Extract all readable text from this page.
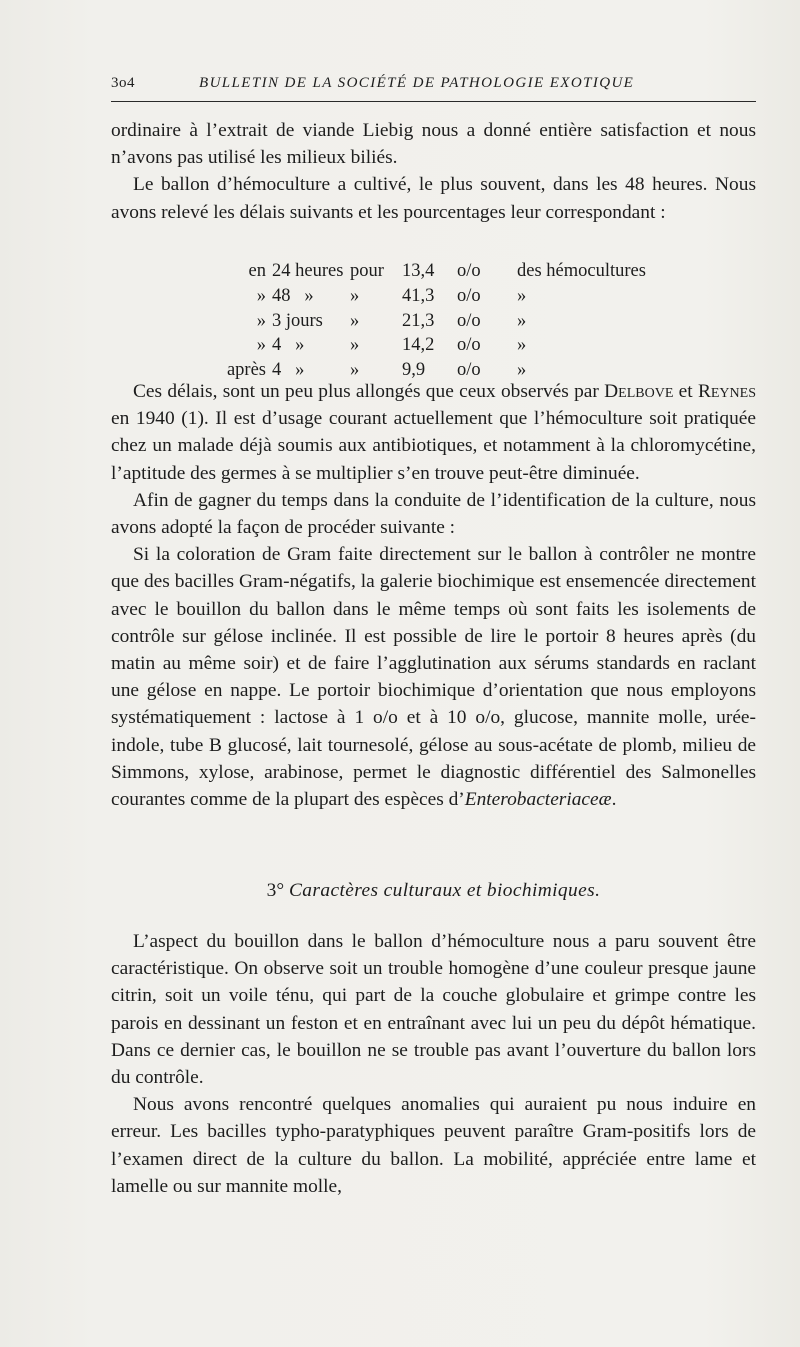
3o4	BULLETIN DE LA SOCIÉTÉ DE PATHOLOGIE EXOTIQUE

ordinaire à l’extrait de viande Liebig nous a donné entière satisfaction et nous n’avons pas utilisé les milieux biliés.

Le ballon d’hémoculture a cultivé, le plus souvent, dans les 48 heures. Nous avons relevé les délais suivants et les pourcentages leur correspondant :

en	24 heures	pour	13,4	o/o	des hémocultures
»	48   »	»	41,3	o/o	»
»	3 jours	»	21,3	o/o	»
»	4   »	»	14,2	o/o	»
après	4   »	»	9,9	o/o	»

Ces délais, sont un peu plus allongés que ceux observés par Delbove et Reynes en 1940 (1). Il est d’usage courant actuellement que l’hémoculture soit pratiquée chez un malade déjà soumis aux antibiotiques, et notamment à la chloromycétine, l’aptitude des germes à se multiplier s’en trouve peut-être diminuée.

Afin de gagner du temps dans la conduite de l’identification de la culture, nous avons adopté la façon de procéder suivante :

Si la coloration de Gram faite directement sur le ballon à contrôler ne montre que des bacilles Gram-négatifs, la galerie biochimique est ensemencée directement avec le bouillon du ballon dans le même temps où sont faits les isolements de contrôle sur gélose inclinée. Il est possible de lire le portoir 8 heures après (du matin au même soir) et de faire l’agglutination aux sérums standards en raclant une gélose en nappe. Le portoir biochimique d’orientation que nous employons systématiquement : lactose à 1 o/o et à 10 o/o, glucose, mannite molle, urée-indole, tube B glucosé, lait tournesolé, gélose au sous-acétate de plomb, milieu de Simmons, xylose, arabinose, permet le diagnostic différentiel des Salmonelles courantes comme de la plupart des espèces d’Enterobacteriaceæ.

3° Caractères culturaux et biochimiques.

L’aspect du bouillon dans le ballon d’hémoculture nous a paru souvent être caractéristique. On observe soit un trouble homogène d’une couleur presque jaune citrin, soit un voile ténu, qui part de la couche globulaire et grimpe contre les parois en dessinant un feston et en entraînant avec lui un peu du dépôt hématique. Dans ce dernier cas, le bouillon ne se trouble pas avant l’ouverture du ballon lors du contrôle.

Nous avons rencontré quelques anomalies qui auraient pu nous induire en erreur. Les bacilles typho-paratyphiques peuvent paraître Gram-positifs lors de l’examen direct de la culture du ballon. La mobilité, appréciée entre lame et lamelle ou sur mannite molle,
